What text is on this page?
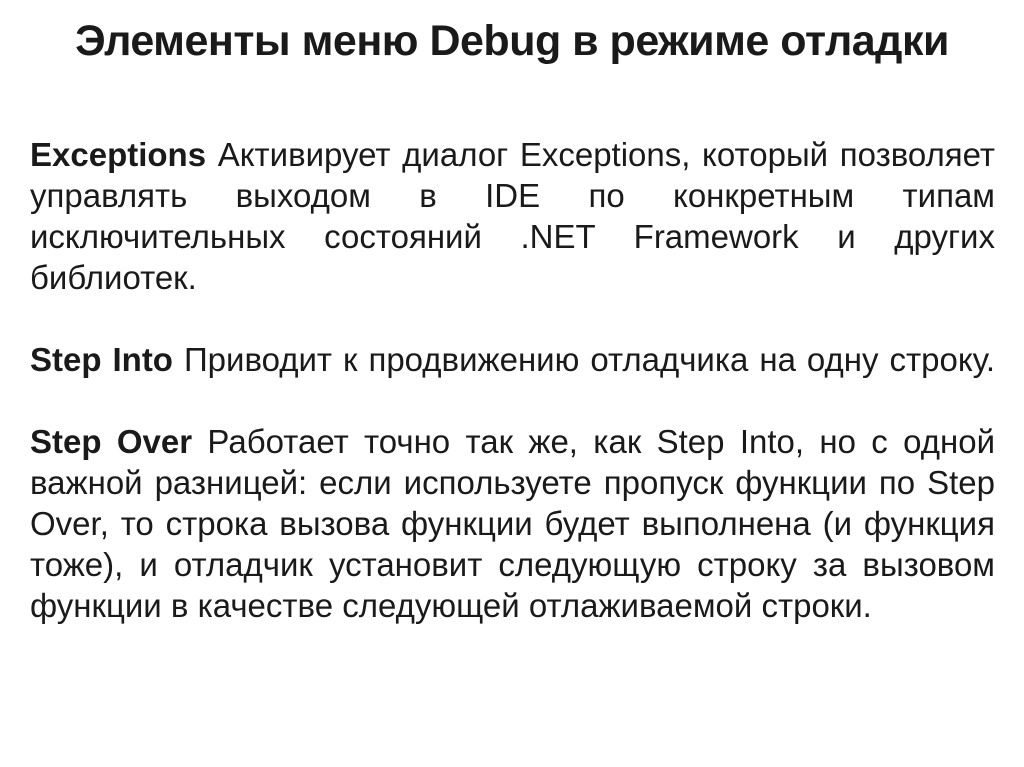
Элементы меню Debug в режиме отладки

Exceptions Активирует диалог Exceptions, который позволяет управлять выходом в IDE по конкретным типам исключительных состояний .NET Framework и других библиотек.

Step Into Приводит к продвижению отладчика на одну строку.

Step Over Работает точно так же, как Step Into, но с одной важной разницей: если используете пропуск функции по Step Over, то строка вызова функции будет выполнена (и функция тоже), и отладчик установит следующую строку за вызовом функции в качестве следующей отлаживаемой строки.
